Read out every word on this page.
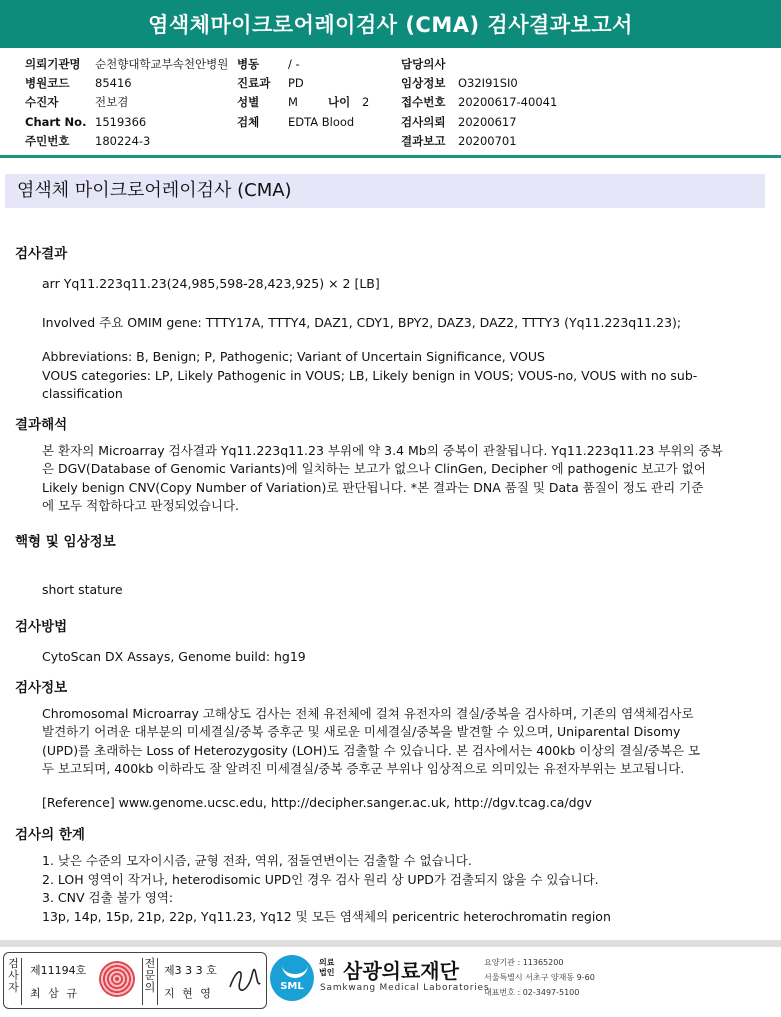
염색체마이크로어레이검사 (CMA) 검사결과보고서
의뢰기관명 순천향대학교부속천안병원 병동	/ -	담당의사
병원코드 85416	진료과 PD	임상정보 O32I91SI0
수진자	전보겸	성별	M	나이 2	접수번호 20200617-40041
Chart No. 1519366	검체	EDTA Blood	검사의뢰 20200617
주민번호 180224-3	결과보고 20200701
염색체 마이크로어레이검사 (CMA)
검사결과
arr Yq11.223q11.23(24,985,598-28,423,925) × 2 [LB]
Involved 주요 OMIM gene: TTTY17A, TTTY4, DAZ1, CDY1, BPY2, DAZ3, DAZ2, TTTY3 (Yq11.223q11.23);
Abbreviations: B, Benign; P, Pathogenic; Variant of Uncertain Significance, VOUS
VOUS categories: LP, Likely Pathogenic in VOUS; LB, Likely benign in VOUS; VOUS-no, VOUS with no sub-
classification
결과해석
본 환자의 Microarray 검사결과 Yq11.223q11.23 부위에 약 3.4 Mb의 중복이 관찰됩니다. Yq11.223q11.23 부위의 중복
은 DGV(Database of Genomic Variants)에 일치하는 보고가 없으나 ClinGen, Decipher 에 pathogenic 보고가 없어
Likely benign CNV(Copy Number of Variation)로 판단됩니다. *본 결과는 DNA 품질 및 Data 품질이 정도 관리 기준
에 모두 적합하다고 판정되었습니다.
핵형 및 임상정보
short stature
검사방법
CytoScan DX Assays, Genome build: hg19
검사정보
Chromosomal Microarray 고해상도 검사는 전체 유전체에 걸쳐 유전자의 결실/중복을 검사하며, 기존의 염색체검사로
발견하기 어려운 대부분의 미세결실/중복 증후군 및 새로운 미세결실/중복을 발견할 수 있으며, Uniparental Disomy
(UPD)를 초래하는 Loss of Heterozygosity (LOH)도 검출할 수 있습니다. 본 검사에서는 400kb 이상의 결실/중복은 모
두 보고되며, 400kb 이하라도 잘 알려진 미세결실/중복 증후군 부위나 임상적으로 의미있는 유전자부위는 보고됩니다.
[Reference] www.genome.ucsc.edu, http://decipher.sanger.ac.uk, http://dgv.tcag.ca/dgv
검사의 한계
1. 낮은 수준의 모자이시즘, 균형 전좌, 역위, 점돌연변이는 검출할 수 없습니다.
2. LOH 영역이 작거나, heterodisomic UPD인 경우 검사 원리 상 UPD가 검출되지 않을 수 있습니다.
3. CNV 검출 불가 영역:
13p, 14p, 15p, 21p, 22p, Yq11.23, Yq12 및 모든 염색체의 pericentric heterochromatin region
검사자
제11194호
최 삼 규
전문의
제3 3 3 호
지 현 영
SML
의료법인 삼광의료재단
Samkwang Medical Laboratories
요양기관 : 11365200
서울특별시 서초구 양재동 9-60
대표번호 : 02-3497-5100
